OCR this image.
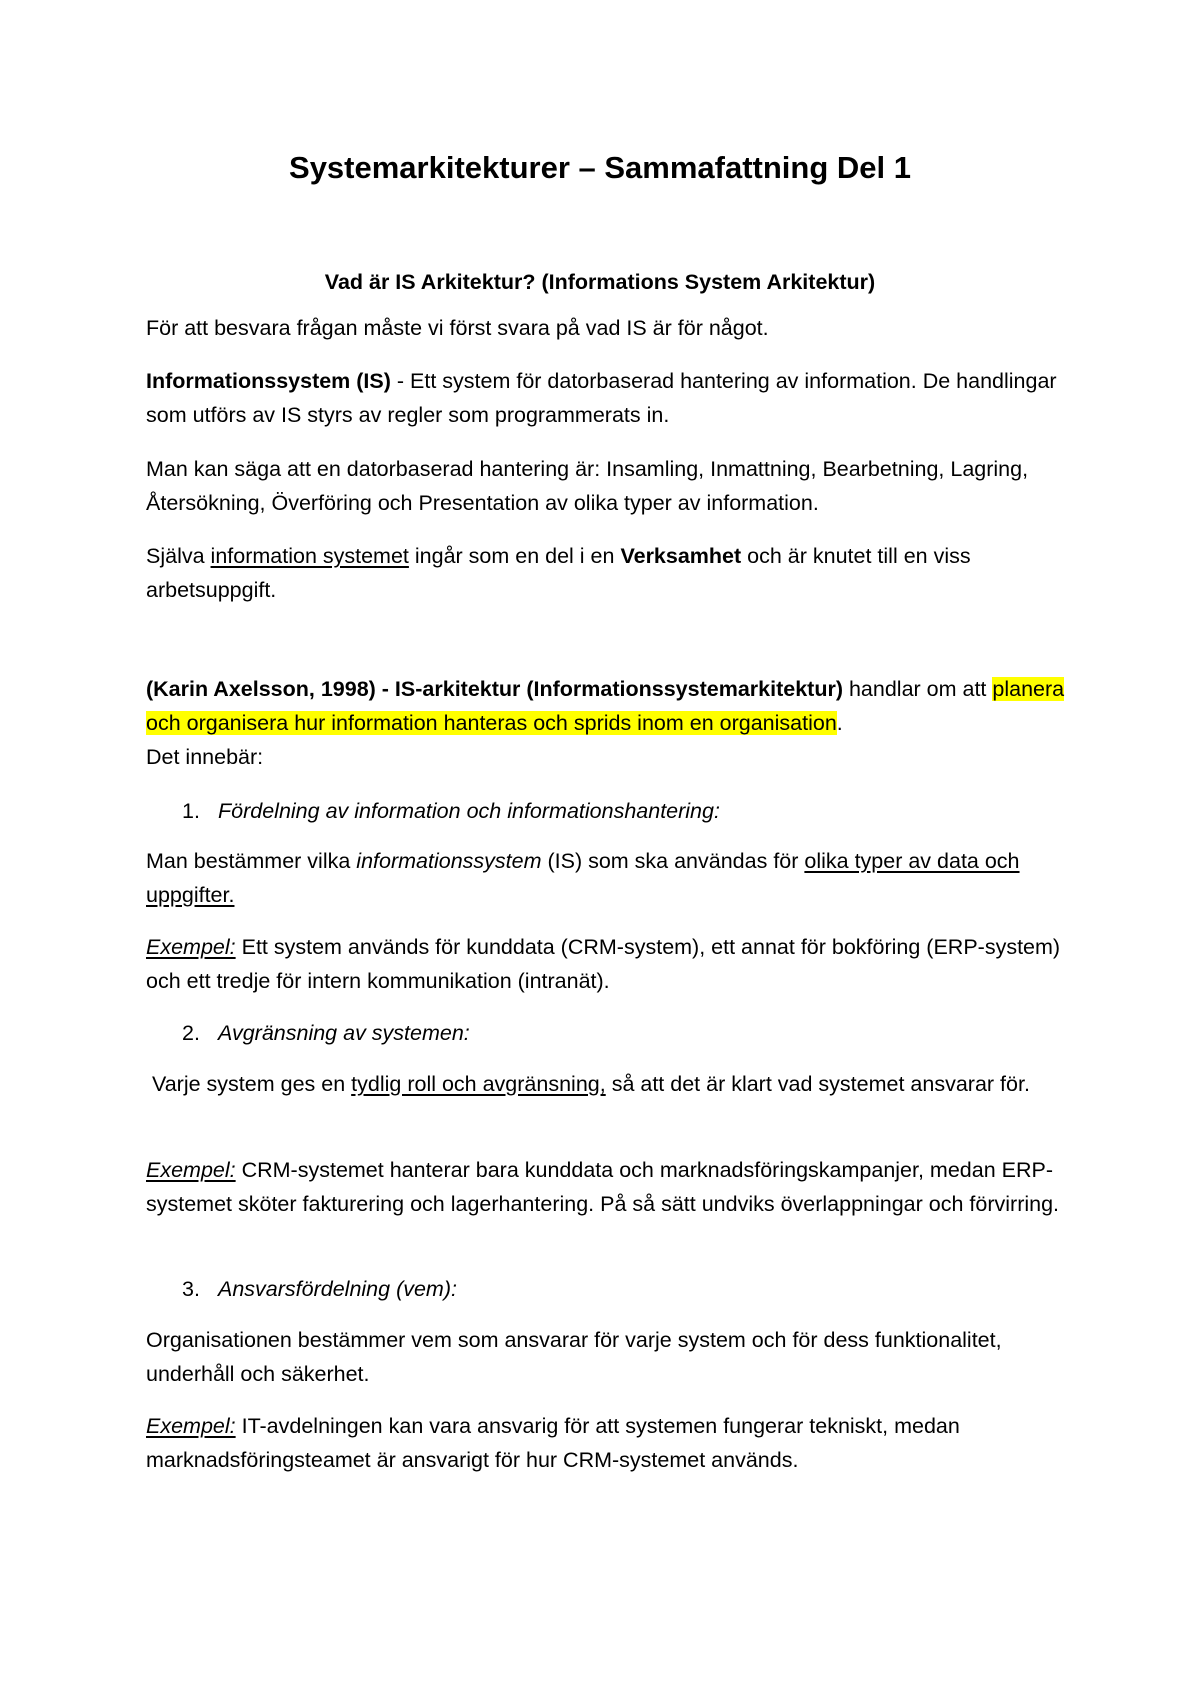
Systemarkitekturer – Sammafattning Del 1
Vad är IS Arkitektur? (Informations System Arkitektur)

För att besvara frågan måste vi först svara på vad IS är för något.

Informationssystem (IS) - Ett system för datorbaserad hantering av information. De handlingar som utförs av IS styrs av regler som programmerats in.

Man kan säga att en datorbaserad hantering är: Insamling, Inmattning, Bearbetning, Lagring, Återsökning, Överföring och Presentation av olika typer av information.

Själva information systemet ingår som en del i en Verksamhet och är knutet till en viss arbetsuppgift.

(Karin Axelsson, 1998) - IS-arkitektur (Informationssystemarkitektur) handlar om att planera och organisera hur information hanteras och sprids inom en organisation.
Det innebär:

1. Fördelning av information och informationshantering:

Man bestämmer vilka informationssystem (IS) som ska användas för olika typer av data och uppgifter.

Exempel: Ett system används för kunddata (CRM-system), ett annat för bokföring (ERP-system) och ett tredje för intern kommunikation (intranät).

2. Avgränsning av systemen:

Varje system ges en tydlig roll och avgränsning, så att det är klart vad systemet ansvarar för.

Exempel: CRM-systemet hanterar bara kunddata och marknadsföringskampanjer, medan ERP-systemet sköter fakturering och lagerhantering. På så sätt undviks överlappningar och förvirring.

3. Ansvarsfördelning (vem):

Organisationen bestämmer vem som ansvarar för varje system och för dess funktionalitet, underhåll och säkerhet.

Exempel: IT-avdelningen kan vara ansvarig för att systemen fungerar tekniskt, medan marknadsföringsteamet är ansvarigt för hur CRM-systemet används.
